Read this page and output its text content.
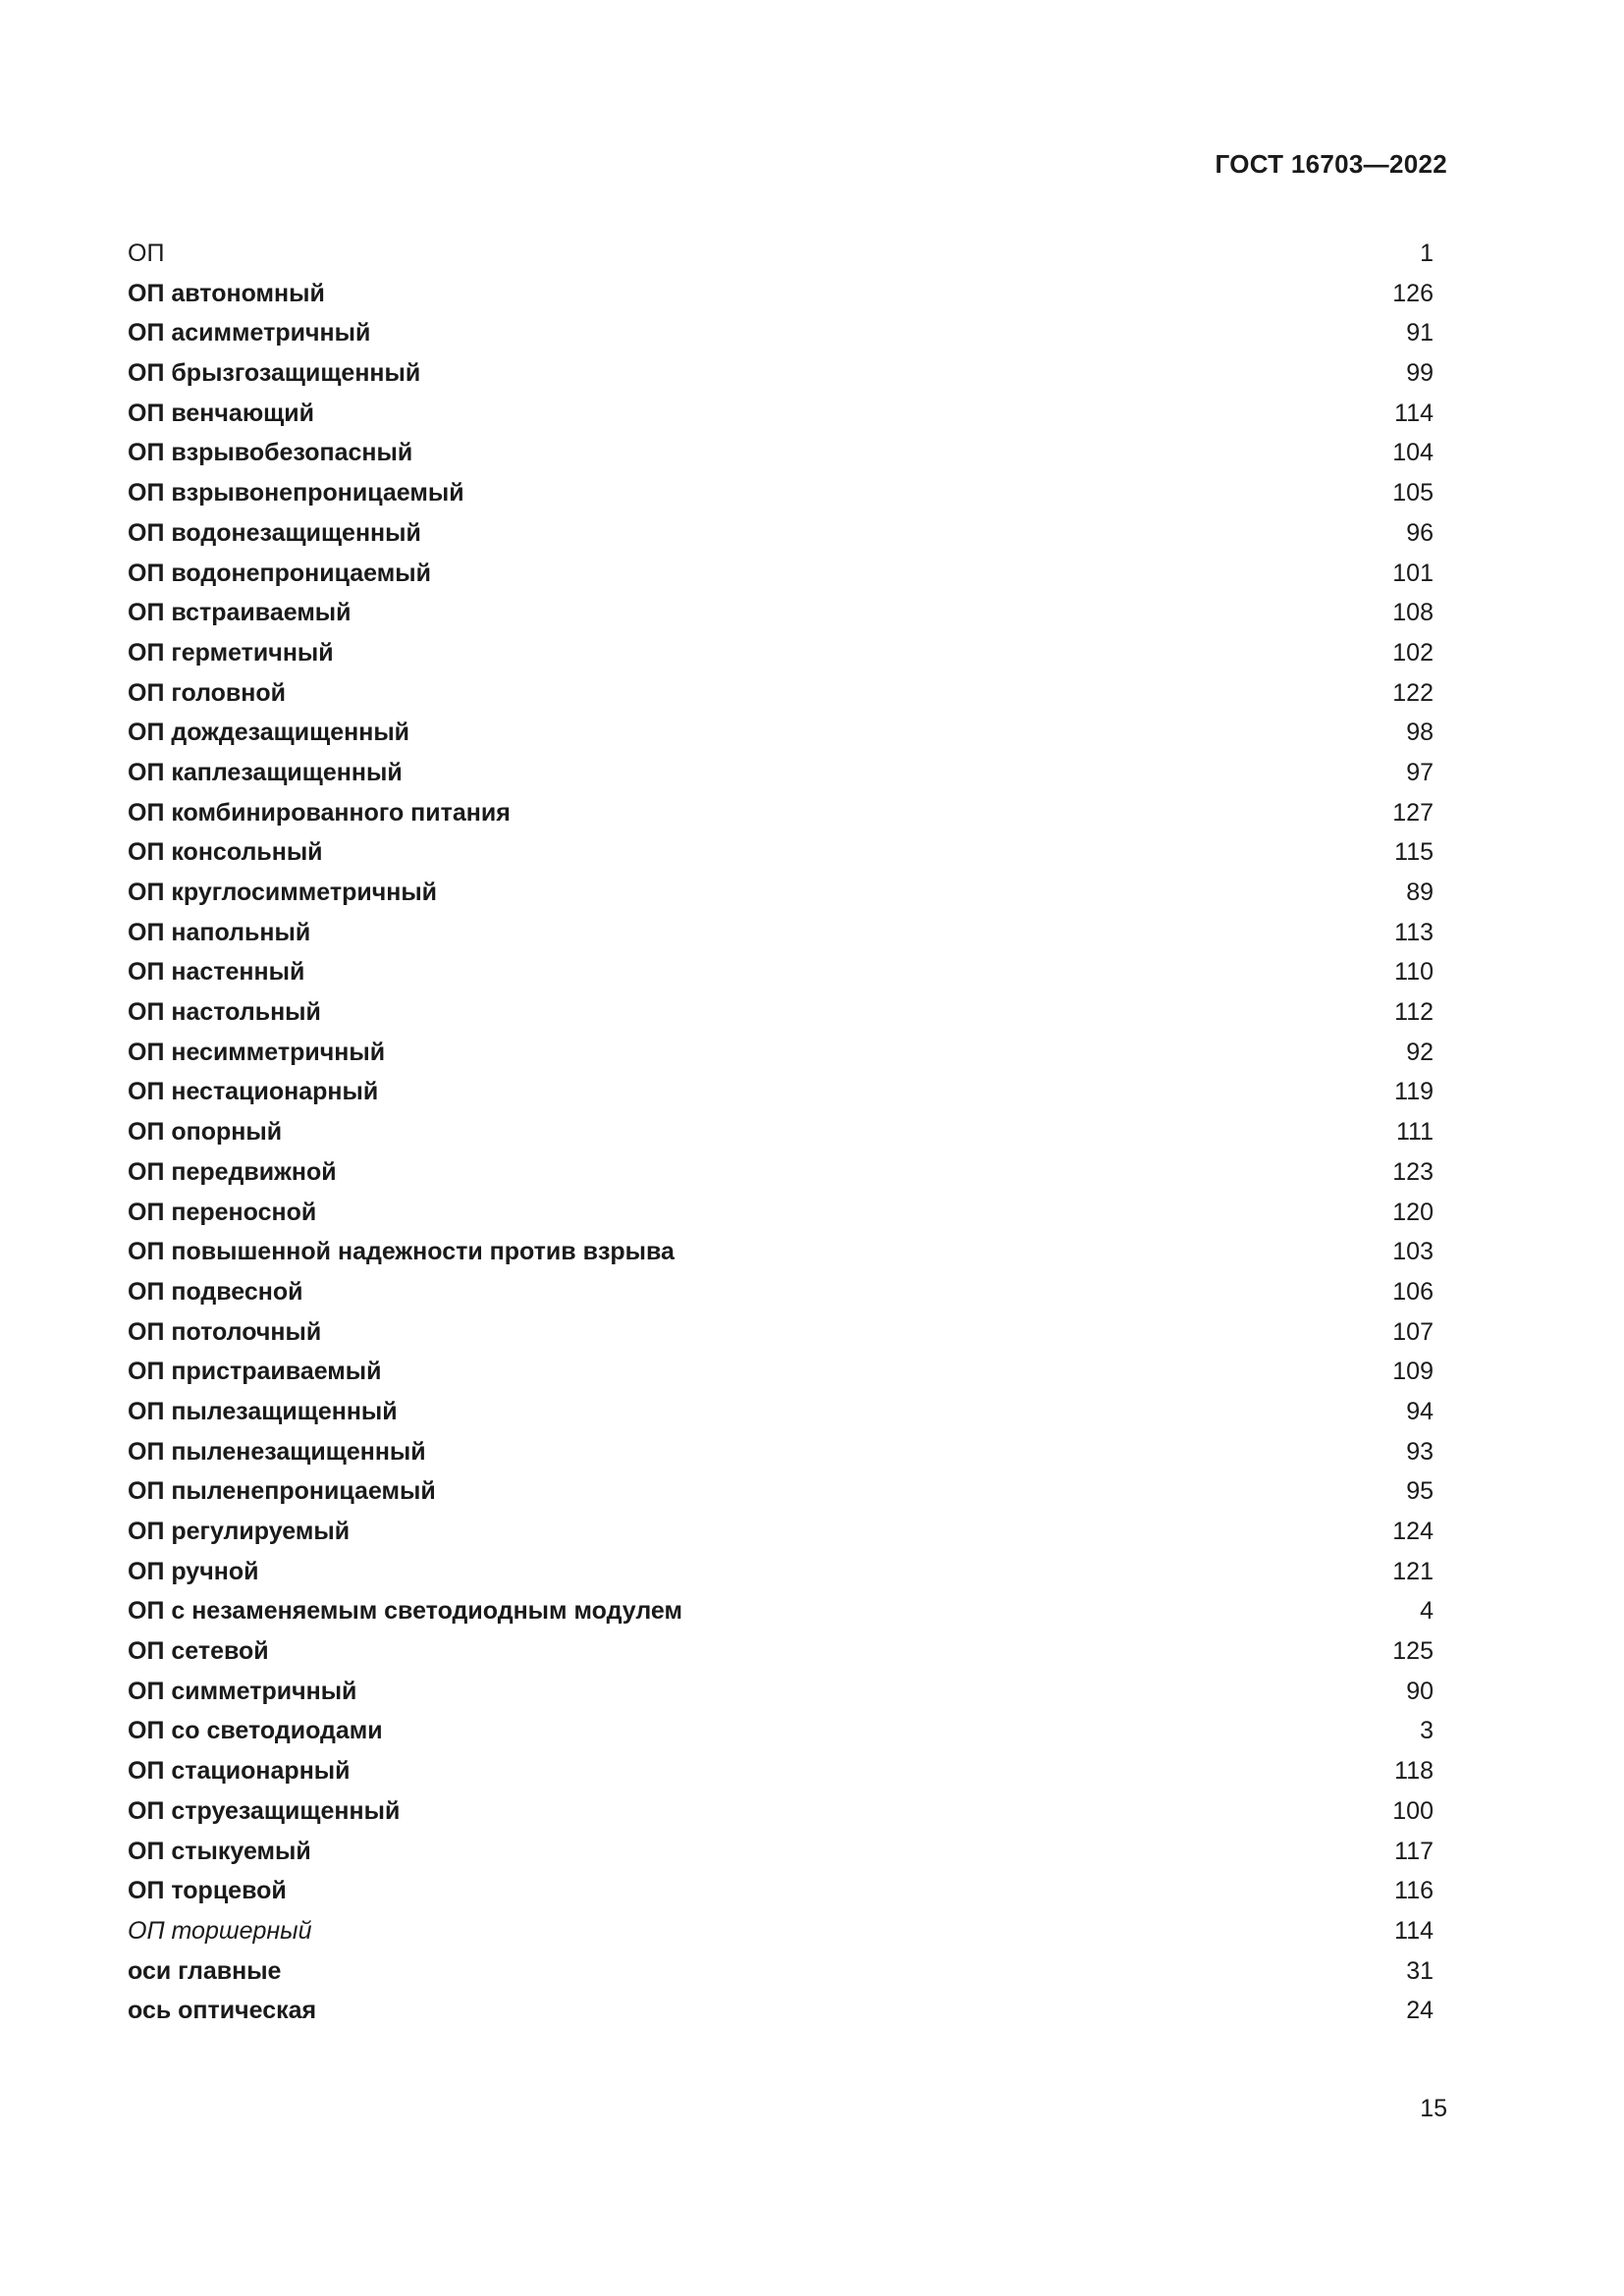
ГОСТ 16703—2022
ОП	1
ОП автономный	126
ОП асимметричный	91
ОП брызгозащищенный	99
ОП венчающий	114
ОП взрывобезопасный	104
ОП взрывонепроницаемый	105
ОП водонезащищенный	96
ОП водонепроницаемый	101
ОП встраиваемый	108
ОП герметичный	102
ОП головной	122
ОП дождезащищенный	98
ОП каплезащищенный	97
ОП комбинированного питания	127
ОП консольный	115
ОП круглосимметричный	89
ОП напольный	113
ОП настенный	110
ОП настольный	112
ОП несимметричный	92
ОП нестационарный	119
ОП опорный	111
ОП передвижной	123
ОП переносной	120
ОП повышенной надежности против взрыва	103
ОП подвесной	106
ОП потолочный	107
ОП пристраиваемый	109
ОП пылезащищенный	94
ОП пыленезащищенный	93
ОП пыленепроницаемый	95
ОП регулируемый	124
ОП ручной	121
ОП с незаменяемым светодиодным модулем	4
ОП сетевой	125
ОП симметричный	90
ОП со светодиодами	3
ОП стационарный	118
ОП струезащищенный	100
ОП стыкуемый	117
ОП торцевой	116
ОП торшерный	114
оси главные	31
ось оптическая	24
15
